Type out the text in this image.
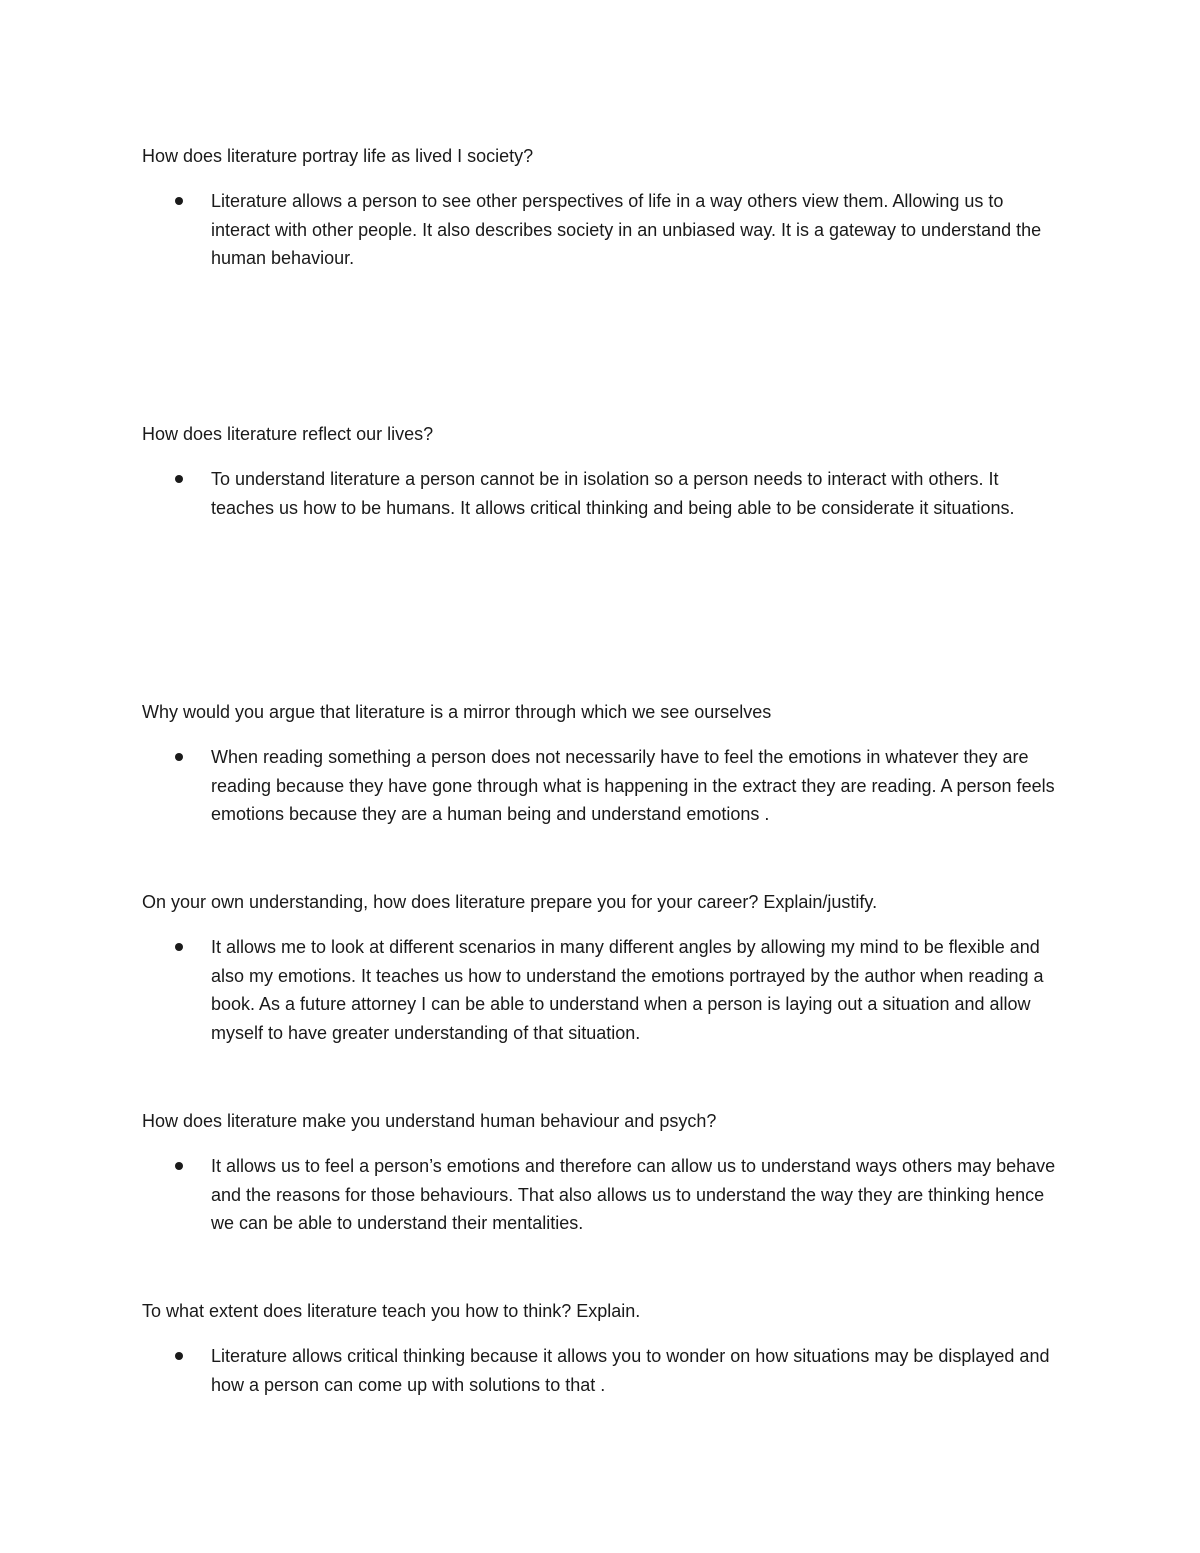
How does literature portray life as lived I society?

Literature allows a person to see other perspectives of life in a way others view them. Allowing us to interact with other people. It also describes society in an unbiased way. It is a gateway to understand the human behaviour.

How does literature reflect our lives?

To understand literature a person cannot be in isolation so a person needs to interact with others. It teaches us how to be humans. It allows critical thinking and being able to be considerate it situations.

Why would you argue that literature is a mirror through which we see ourselves

When reading something a person does not necessarily have to feel the emotions in whatever they are reading because they have gone through what is happening in the extract they are reading. A person feels emotions because they are a human being and understand emotions .

On your own understanding, how does literature prepare you for your career? Explain/justify.

It allows me to look at different scenarios in many different angles by allowing my mind to be flexible and also my emotions. It teaches us how to understand the emotions portrayed by the author when reading a book. As a future attorney I can be able to understand when a person is laying out a situation and allow myself to have greater understanding of that situation.

How does literature make you understand human behaviour and psych?

It allows us to feel a person’s emotions and therefore can allow us to understand ways others may behave and the reasons for those behaviours. That also allows us to understand the way they are thinking hence we can be able to understand their mentalities.

To what extent does literature teach you how to think? Explain.

Literature allows critical thinking because it allows you to wonder on how situations may be displayed and how a person can come up with solutions to that .
